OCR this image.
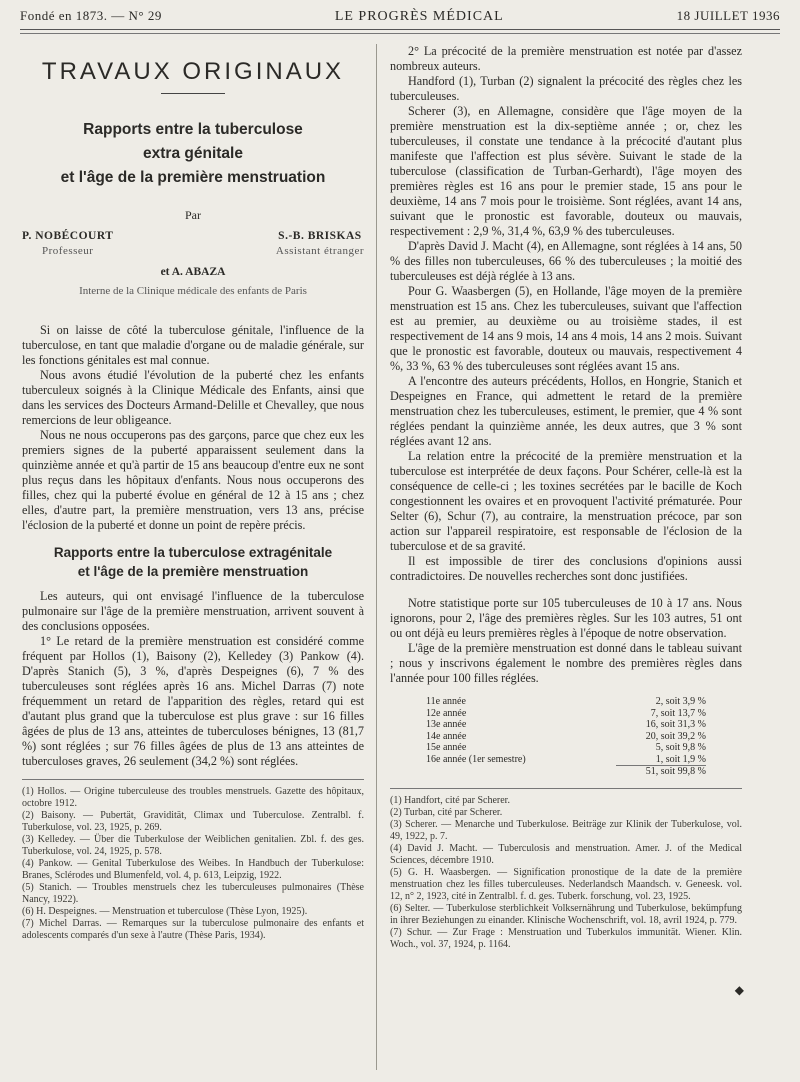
Fondé en 1873. — N° 29	LE PROGRÈS MÉDICAL	18 JUILLET 1936
TRAVAUX ORIGINAUX
Rapports entre la tuberculose
extra génitale
et l'âge de la première menstruation
Par
P. NOBÉCOURT
Professeur
S.-B. BRISKAS
Assistant étranger
et A. ABAZA
Interne de la Clinique médicale des enfants de Paris

Si on laisse de côté la tuberculose génitale, l'influence de la tuberculose, en tant que maladie d'organe ou de maladie générale, sur les fonctions génitales est mal connue.

Nous avons étudié l'évolution de la puberté chez les enfants tuberculeux soignés à la Clinique Médicale des Enfants, ainsi que dans les services des Docteurs Armand-Delille et Chevalley, que nous remercions de leur obligeance.

Nous ne nous occuperons pas des garçons, parce que chez eux les premiers signes de la puberté apparaissent seulement dans la quinzième année et qu'à partir de 15 ans beaucoup d'entre eux ne sont plus reçus dans les hôpitaux d'enfants. Nous nous occuperons des filles, chez qui la puberté évolue en général de 12 à 15 ans ; chez elles, d'autre part, la première menstruation, vers 13 ans, précise l'éclosion de la puberté et donne un point de repère précis.

Rapports entre la tuberculose extragénitale
et l'âge de la première menstruation

Les auteurs, qui ont envisagé l'influence de la tuberculose pulmonaire sur l'âge de la première menstruation, arrivent souvent à des conclusions opposées.

1° Le retard de la première menstruation est considéré comme fréquent par Hollos (1), Baisony (2), Kelledey (3) Pankow (4). D'après Stanich (5), 3 %, d'après Despeignes (6), 7 % des tuberculeuses sont réglées après 16 ans. Michel Darras (7) note fréquemment un retard de l'apparition des règles, retard qui est d'autant plus grand que la tuberculose est plus grave : sur 16 filles âgées de plus de 13 ans, atteintes de tuberculoses bénignes, 13 (81,7 %) sont réglées ; sur 76 filles âgées de plus de 13 ans atteintes de tuberculoses graves, 26 seulement (34,2 %) sont réglées.

(1) Hollos. — Origine tuberculeuse des troubles menstruels. Gazette des hôpitaux, octobre 1912.
(2) Baisony. — Pubertät, Gravidität, Climax und Tuberculose. Zentralbl. f. Tuberkulose, vol. 23, 1925, p. 269.
(3) Kelledey. — Über die Tuberkulose der Weiblichen genitalien. Zbl. f. des ges. Tuberkulose, vol. 24, 1925, p. 578.
(4) Pankow. — Genital Tuberkulose des Weibes. In Handbuch der Tuberkulose: Branes, Sclérodes und Blumenfeld, vol. 4, p. 613, Leipzig, 1922.
(5) Stanich. — Troubles menstruels chez les tuberculeuses pulmonaires (Thèse Nancy, 1922).
(6) H. Despeignes. — Menstruation et tuberculose (Thèse Lyon, 1925).
(7) Michel Darras. — Remarques sur la tuberculose pulmonaire des enfants et adolescents comparés d'un sexe à l'autre (Thèse Paris, 1934).

2° La précocité de la première menstruation est notée par d'assez nombreux auteurs.

Handford (1), Turban (2) signalent la précocité des règles chez les tuberculeuses.

Scherer (3), en Allemagne, considère que l'âge moyen de la première menstruation est la dix-septième année ; or, chez les tuberculeuses, il constate une tendance à la précocité d'autant plus manifeste que l'affection est plus sévère. Suivant le stade de la tuberculose (classification de Turban-Gerhardt), l'âge moyen des premières règles est 16 ans pour le premier stade, 15 ans pour le deuxième, 14 ans 7 mois pour le troisième. Sont réglées, avant 14 ans, suivant que le pronostic est favorable, douteux ou mauvais, respectivement : 2,9 %, 31,4 %, 63,9 % des tuberculeuses.

D'après David J. Macht (4), en Allemagne, sont réglées à 14 ans, 50 % des filles non tuberculeuses, 66 % des tuberculeuses ; la moitié des tuberculeuses est déjà réglée à 13 ans.

Pour G. Waasbergen (5), en Hollande, l'âge moyen de la première menstruation est 15 ans. Chez les tuberculeuses, suivant que l'affection est au premier, au deuxième ou au troisième stades, il est respectivement de 14 ans 9 mois, 14 ans 4 mois, 14 ans 2 mois. Suivant que le pronostic est favorable, douteux ou mauvais, respectivement 4 %, 33 %, 63 % des tuberculeuses sont réglées avant 15 ans.

A l'encontre des auteurs précédents, Hollos, en Hongrie, Stanich et Despeignes en France, qui admettent le retard de la première menstruation chez les tuberculeuses, estiment, le premier, que 4 % sont réglées pendant la quinzième année, les deux autres, que 3 % sont réglées avant 12 ans.

La relation entre la précocité de la première menstruation et la tuberculose est interprétée de deux façons. Pour Schérer, celle-là est la conséquence de celle-ci ; les toxines secrétées par le bacille de Koch congestionnent les ovaires et en provoquent l'activité prématurée. Pour Selter (6), Schur (7), au contraire, la menstruation précoce, par son action sur l'appareil respiratoire, est responsable de l'éclosion de la tuberculose et de sa gravité.

Il est impossible de tirer des conclusions d'opinions aussi contradictoires. De nouvelles recherches sont donc justifiées.

Notre statistique porte sur 105 tuberculeuses de 10 à 17 ans. Nous ignorons, pour 2, l'âge des premières règles. Sur les 103 autres, 51 ont ou ont déjà eu leurs premières règles à l'époque de notre observation.

L'âge de la première menstruation est donné dans le tableau suivant ; nous y inscrivons également le nombre des premières règles dans l'année pour 100 filles réglées.

11e année	2, soit 3,9 %
12e année	7, soit 13,7 %
13e année	16, soit 31,3 %
14e année	20, soit 39,2 %
15e année	5, soit 9,8 %
16e année (1er semestre)	1, soit 1,9 %
51, soit 99,8 %
(1) Handfort, cité par Scherer.
(2) Turban, cité par Scherer.
(3) Scherer. — Menarche und Tuberkulose. Beiträge zur Klinik der Tuberkulose, vol. 49, 1922, p. 7.
(4) David J. Macht. — Tuberculosis and menstruation. Amer. J. of the Medical Sciences, décembre 1910.
(5) G. H. Waasbergen. — Signification pronostique de la date de la première menstruation chez les filles tuberculeuses. Nederlandsch Maandsch. v. Geneesk. vol. 12, n° 2, 1923, cité in Zentralbl. f. d. ges. Tuberk. forschung, vol. 23, 1925.
(6) Selter. — Tuberkulose sterblichkeit Volksernährung und Tuberkulose, bekümpfung in ihrer Beziehungen zu einander. Klinische Wochenschrift, vol. 18, avril 1924, p. 779.
(7) Schur. — Zur Frage : Menstruation und Tuberkulos immunität. Wiener. Klin. Woch., vol. 37, 1924, p. 1164.
◆
